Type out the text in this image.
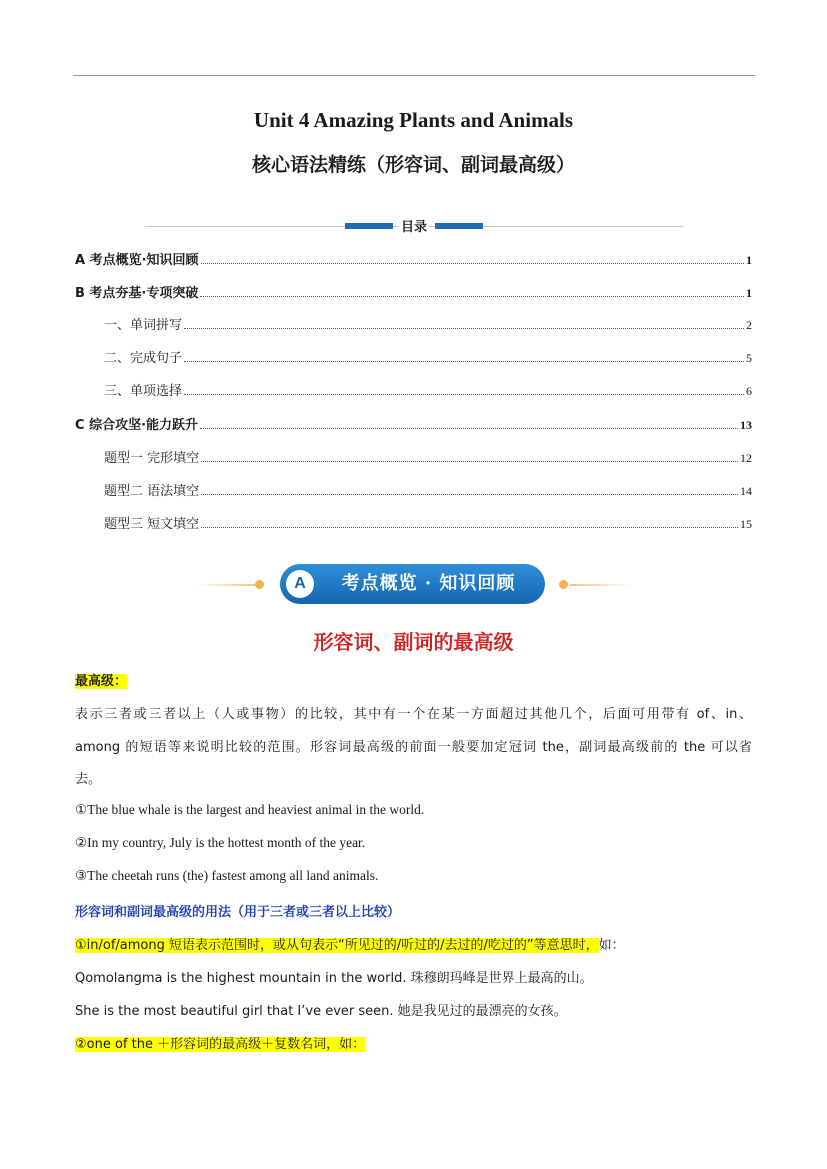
Unit 4 Amazing Plants and Animals
核心语法精练（形容词、副词最高级）
目录
A 考点概览·知识回顾	1
B 考点夯基·专项突破	1
一、单词拼写	2
二、完成句子	5
三、单项选择	6
C 综合攻坚·能力跃升	13
题型一 完形填空	12
题型二 语法填空	14
题型三 短文填空	15
A	考点概览 · 知识回顾
形容词、副词的最高级
最高级：
表示三者或三者以上（人或事物）的比较，其中有一个在某一方面超过其他几个，后面可用带有 of、in、
among 的短语等来说明比较的范围。形容词最高级的前面一般要加定冠词 the，副词最高级前的 the 可以省
去。
①The blue whale is the largest and heaviest animal in the world.
②In my country, July is the hottest month of the year.
③The cheetah runs (the) fastest among all land animals.
形容词和副词最高级的用法（用于三者或三者以上比较）
①in/of/among 短语表示范围时，或从句表示“所见过的/听过的/去过的/吃过的”等意思时，如：
Qomolangma is the highest mountain in the world. 珠穆朗玛峰是世界上最高的山。
She is the most beautiful girl that I’ve ever seen. 她是我见过的最漂亮的女孩。
②one of the ＋形容词的最高级＋复数名词，如：
